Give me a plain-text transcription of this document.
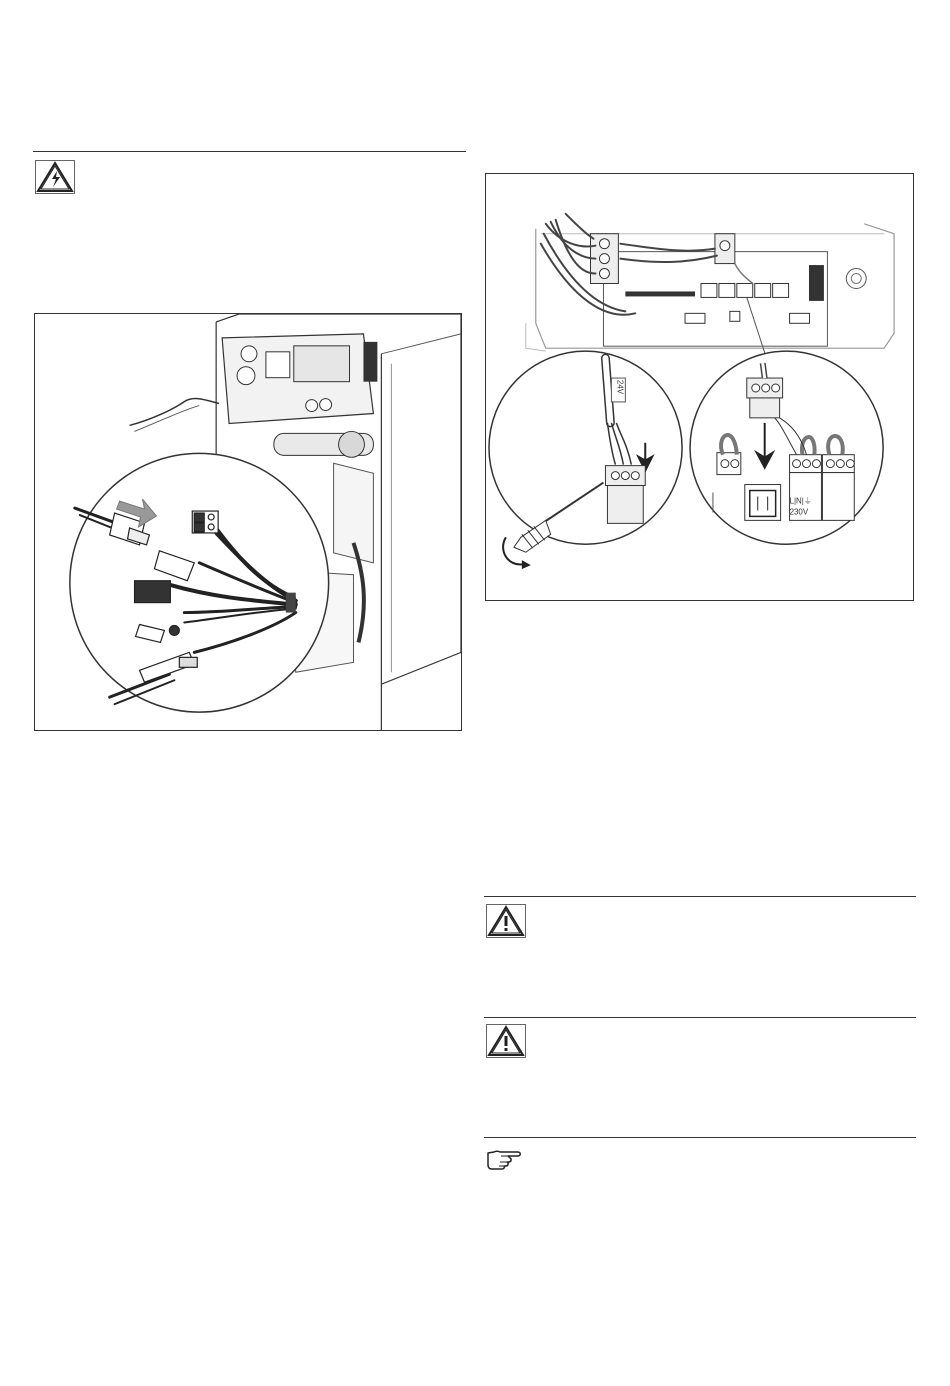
24V
L|N|⏚
230V
